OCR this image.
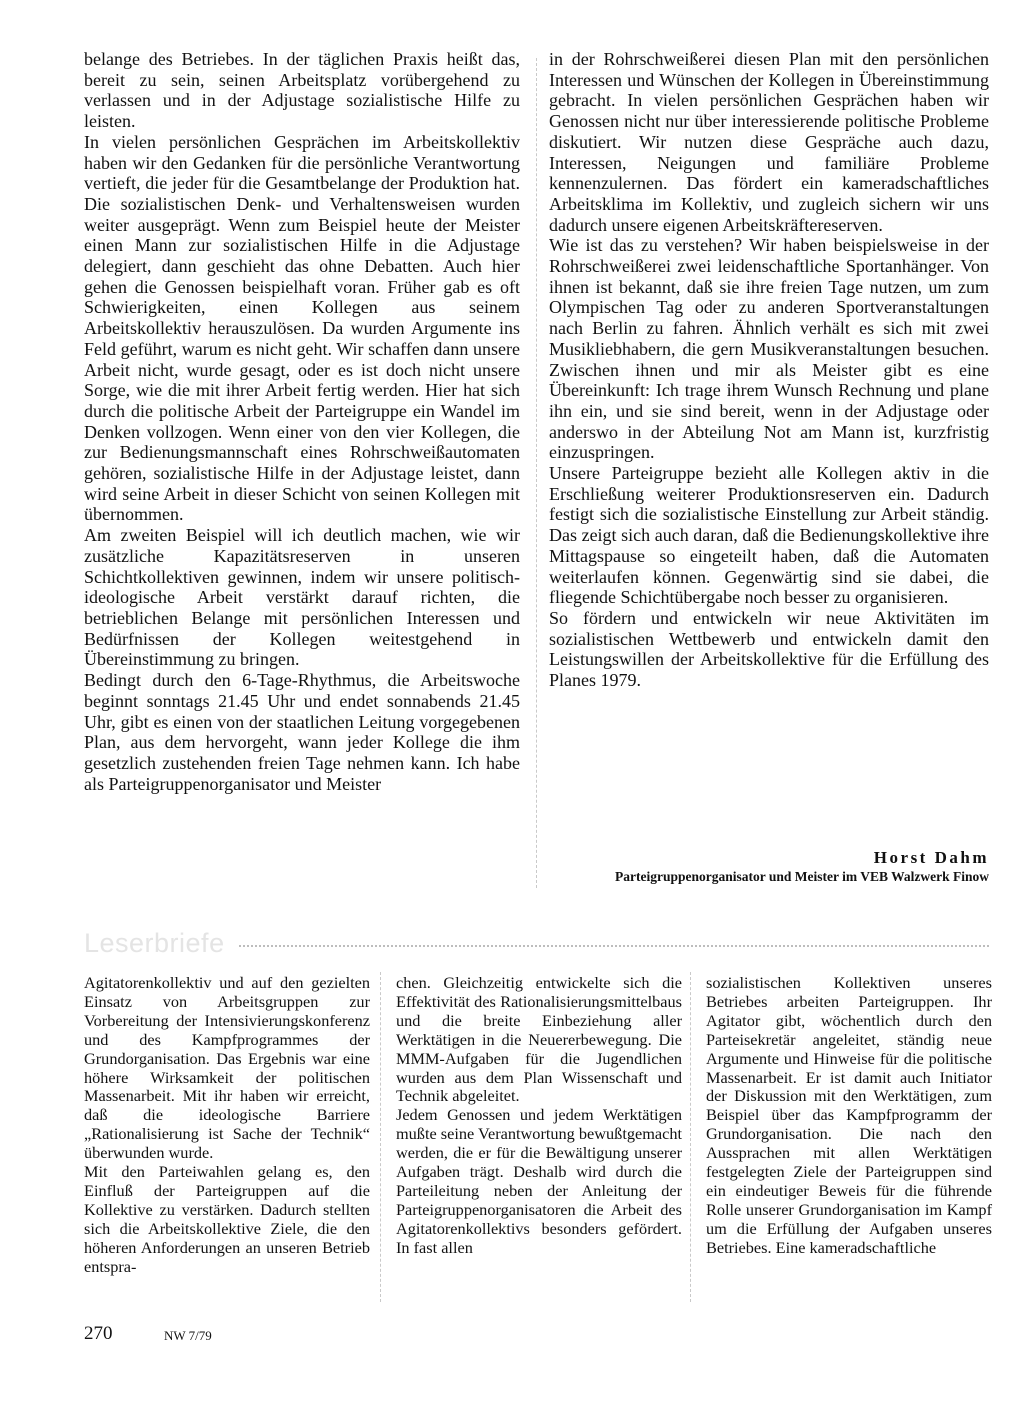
belange des Betriebes. In der täglichen Praxis heißt das, bereit zu sein, seinen Arbeitsplatz vorübergehend zu verlassen und in der Adjustage sozialistische Hilfe zu leisten.

In vielen persönlichen Gesprächen im Arbeitskollektiv haben wir den Gedanken für die persönliche Verantwortung vertieft, die jeder für die Gesamtbelange der Produktion hat. Die sozialistischen Denk- und Verhaltensweisen wurden weiter ausgeprägt. Wenn zum Beispiel heute der Meister einen Mann zur sozialistischen Hilfe in die Adjustage delegiert, dann geschieht das ohne Debatten. Auch hier gehen die Genossen beispielhaft voran. Früher gab es oft Schwierigkeiten, einen Kollegen aus seinem Arbeitskollektiv herauszulösen. Da wurden Argumente ins Feld geführt, warum es nicht geht. Wir schaffen dann unsere Arbeit nicht, wurde gesagt, oder es ist doch nicht unsere Sorge, wie die mit ihrer Arbeit fertig werden. Hier hat sich durch die politische Arbeit der Parteigruppe ein Wandel im Denken vollzogen. Wenn einer von den vier Kollegen, die zur Bedienungsmannschaft eines Rohrschweißautomaten gehören, sozialistische Hilfe in der Adjustage leistet, dann wird seine Arbeit in dieser Schicht von seinen Kollegen mit übernommen.

Am zweiten Beispiel will ich deutlich machen, wie wir zusätzliche Kapazitätsreserven in unseren Schichtkollektiven gewinnen, indem wir unsere politisch-ideologische Arbeit verstärkt darauf richten, die betrieblichen Belange mit persönlichen Interessen und Bedürfnissen der Kollegen weitestgehend in Übereinstimmung zu bringen.

Bedingt durch den 6-Tage-Rhythmus, die Arbeitswoche beginnt sonntags 21.45 Uhr und endet sonnabends 21.45 Uhr, gibt es einen von der staatlichen Leitung vorgegebenen Plan, aus dem hervorgeht, wann jeder Kollege die ihm gesetzlich zustehenden freien Tage nehmen kann. Ich habe als Parteigruppenorganisator und Meister

in der Rohrschweißerei diesen Plan mit den persönlichen Interessen und Wünschen der Kollegen in Übereinstimmung gebracht. In vielen persönlichen Gesprächen haben wir Genossen nicht nur über interessierende politische Probleme diskutiert. Wir nutzen diese Gespräche auch dazu, Interessen, Neigungen und familiäre Probleme kennenzulernen. Das fördert ein kameradschaftliches Arbeitsklima im Kollektiv, und zugleich sichern wir uns dadurch unsere eigenen Arbeitskräftereserven.

Wie ist das zu verstehen? Wir haben beispielsweise in der Rohrschweißerei zwei leidenschaftliche Sportanhänger. Von ihnen ist bekannt, daß sie ihre freien Tage nutzen, um zum Olympischen Tag oder zu anderen Sportveranstaltungen nach Berlin zu fahren. Ähnlich verhält es sich mit zwei Musikliebhabern, die gern Musikveranstaltungen besuchen. Zwischen ihnen und mir als Meister gibt es eine Übereinkunft: Ich trage ihrem Wunsch Rechnung und plane ihn ein, und sie sind bereit, wenn in der Adjustage oder anderswo in der Abteilung Not am Mann ist, kurzfristig einzuspringen.

Unsere Parteigruppe bezieht alle Kollegen aktiv in die Erschließung weiterer Produktionsreserven ein. Dadurch festigt sich die sozialistische Einstellung zur Arbeit ständig. Das zeigt sich auch daran, daß die Bedienungskollektive ihre Mittagspause so eingeteilt haben, daß die Automaten weiterlaufen können. Gegenwärtig sind sie dabei, die fliegende Schichtübergabe noch besser zu organisieren.

So fördern und entwickeln wir neue Aktivitäten im sozialistischen Wettbewerb und entwickeln damit den Leistungswillen der Arbeitskollektive für die Erfüllung des Planes 1979.

Horst Dahm
Parteigruppenorganisator und Meister im VEB Walzwerk Finow
Leserbriefe

Agitatorenkollektiv und auf den gezielten Einsatz von Arbeitsgruppen zur Vorbereitung der Intensivierungskonferenz und des Kampfprogrammes der Grundorganisation. Das Ergebnis war eine höhere Wirksamkeit der politischen Massenarbeit. Mit ihr haben wir erreicht, daß die ideologische Barriere „Rationalisierung ist Sache der Technik“ überwunden wurde.

Mit den Parteiwahlen gelang es, den Einfluß der Parteigruppen auf die Kollektive zu verstärken. Dadurch stellten sich die Arbeitskollektive Ziele, die den höheren Anforderungen an unseren Betrieb entspra-

chen. Gleichzeitig entwickelte sich die Effektivität des Rationalisierungsmittelbaus und die breite Einbeziehung aller Werktätigen in die Neuererbewegung. Die MMM-Aufgaben für die Jugendlichen wurden aus dem Plan Wissenschaft und Technik abgeleitet.

Jedem Genossen und jedem Werktätigen mußte seine Verantwortung bewußtgemacht werden, die er für die Bewältigung unserer Aufgaben trägt. Deshalb wird durch die Parteileitung neben der Anleitung der Parteigruppenorganisatoren die Arbeit des Agitatorenkollektivs besonders gefördert. In fast allen

sozialistischen Kollektiven unseres Betriebes arbeiten Parteigruppen. Ihr Agitator gibt, wöchentlich durch den Parteisekretär angeleitet, ständig neue Argumente und Hinweise für die politische Massenarbeit. Er ist damit auch Initiator der Diskussion mit den Werktätigen, zum Beispiel über das Kampfprogramm der Grundorganisation. Die nach den Aussprachen mit allen Werktätigen festgelegten Ziele der Parteigruppen sind ein eindeutiger Beweis für die führende Rolle unserer Grundorganisation im Kampf um die Erfüllung der Aufgaben unseres Betriebes. Eine kameradschaftliche

270	NW 7/79
